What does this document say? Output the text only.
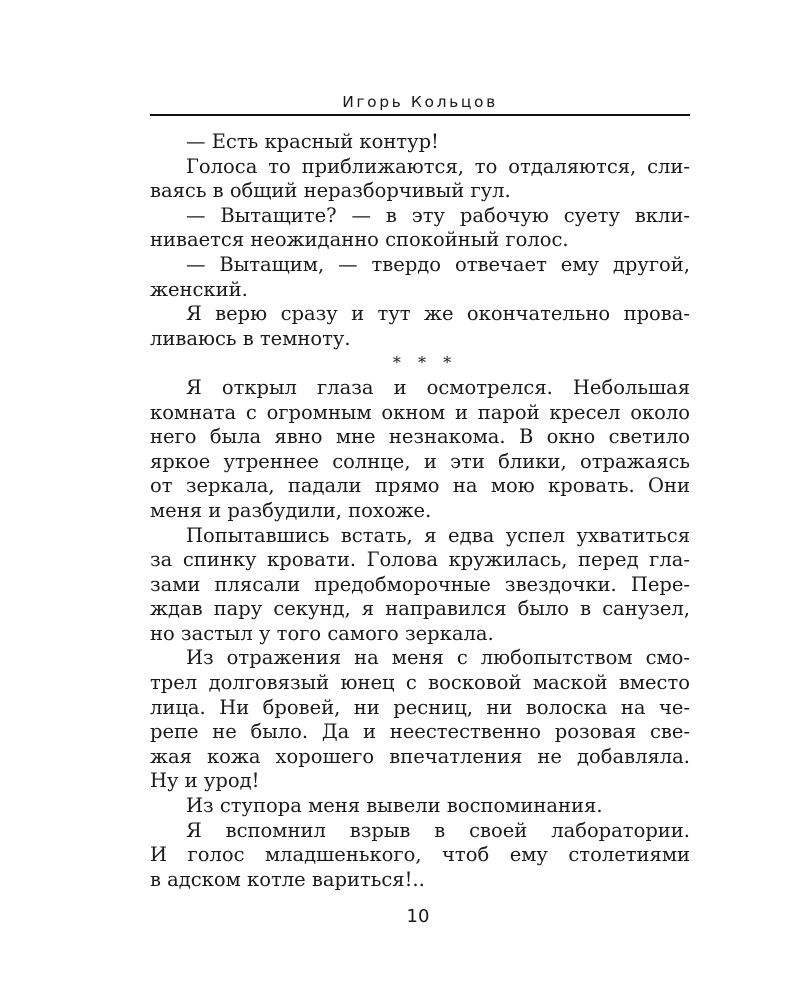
Игорь Кольцов

— Есть красный контур!

Голоса то приближаются, то отдаляются, сли-
ваясь в общий неразборчивый гул.

— Вытащите? — в эту рабочую суету вкли-
нивается неожиданно спокойный голос.

— Вытащим, — твердо отвечает ему другой,
женский.

Я верю сразу и тут же окончательно прова-
ливаюсь в темноту.

* * *

Я открыл глаза и осмотрелся. Небольшая
комната с огромным окном и парой кресел около
него была явно мне незнакома. В окно светило
яркое утреннее солнце, и эти блики, отражаясь
от зеркала, падали прямо на мою кровать. Они
меня и разбудили, похоже.

Попытавшись встать, я едва успел ухватиться
за спинку кровати. Голова кружилась, перед гла-
зами плясали предобморочные звездочки. Пере-
ждав пару секунд, я направился было в санузел,
но застыл у того самого зеркала.

Из отражения на меня с любопытством смо-
трел долговязый юнец с восковой маской вместо
лица. Ни бровей, ни ресниц, ни волоска на че-
репе не было. Да и неестественно розовая све-
жая кожа хорошего впечатления не добавляла.
Ну и урод!

Из ступора меня вывели воспоминания.

Я вспомнил взрыв в своей лаборатории.
И голос младшенького, чтоб ему столетиями
в адском котле вариться!..

10
